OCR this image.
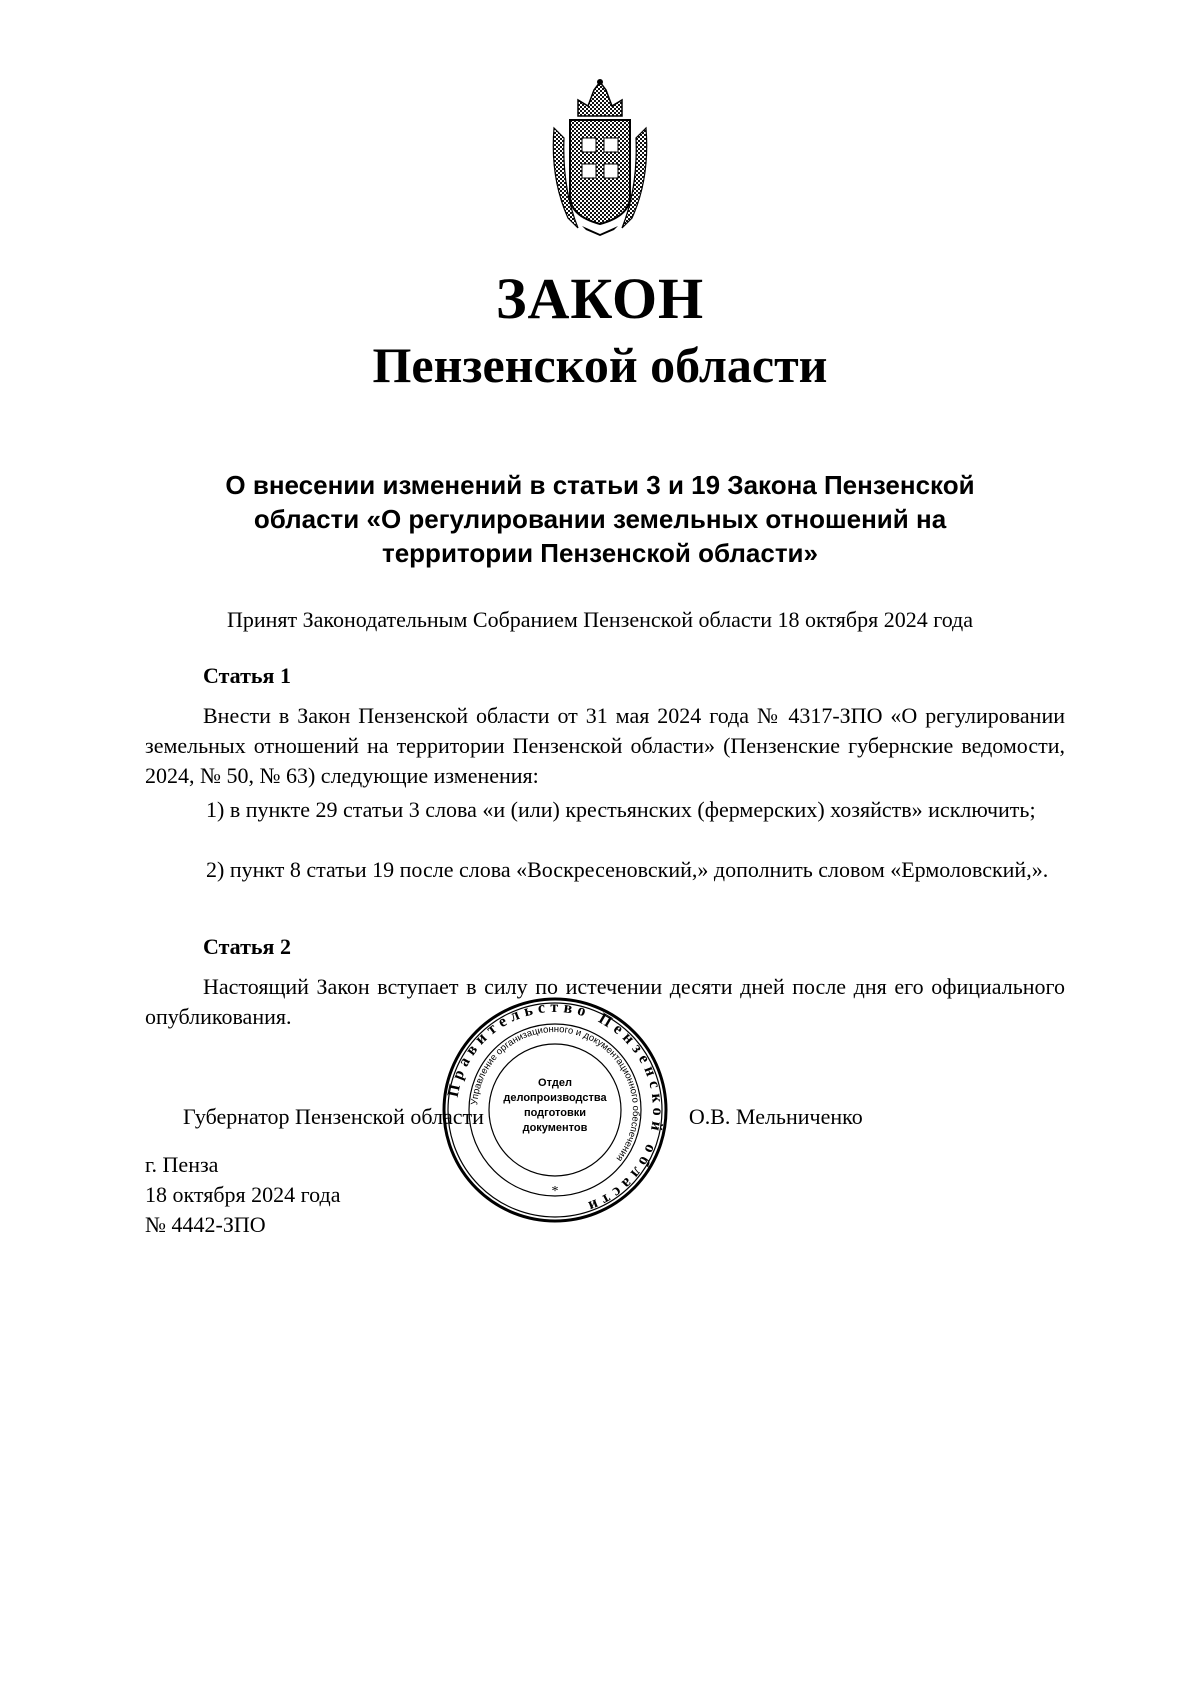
ЗАКОН
Пензенской области
О внесении изменений в статьи 3 и 19 Закона Пензенской
области «О регулировании земельных отношений на
территории Пензенской области»
Принят Законодательным Собранием Пензенской области 18 октября 2024 года
Статья 1
Внести в Закон Пензенской области от 31 мая 2024 года № 4317-ЗПО «О регулировании земельных отношений на территории Пензенской области» (Пензенские губернские ведомости, 2024, № 50, № 63) следующие изменения:
1) в пункте 29 статьи 3 слова «и (или) крестьянских (фермерских) хозяйств» исключить;
2) пункт 8 статьи 19 после слова «Воскресеновский,» дополнить словом «Ермоловский,».
Статья 2
Настоящий Закон вступает в силу по истечении десяти дней после дня его официального опубликования.
Губернатор Пензенской области	О.В. Мельниченко
г. Пенза
18 октября 2024 года
№ 4442-ЗПО
Правительство Пензенской области
Управление организационного и документационного обеспечения
Отдел
делопроизводства
подготовки
документов
*
